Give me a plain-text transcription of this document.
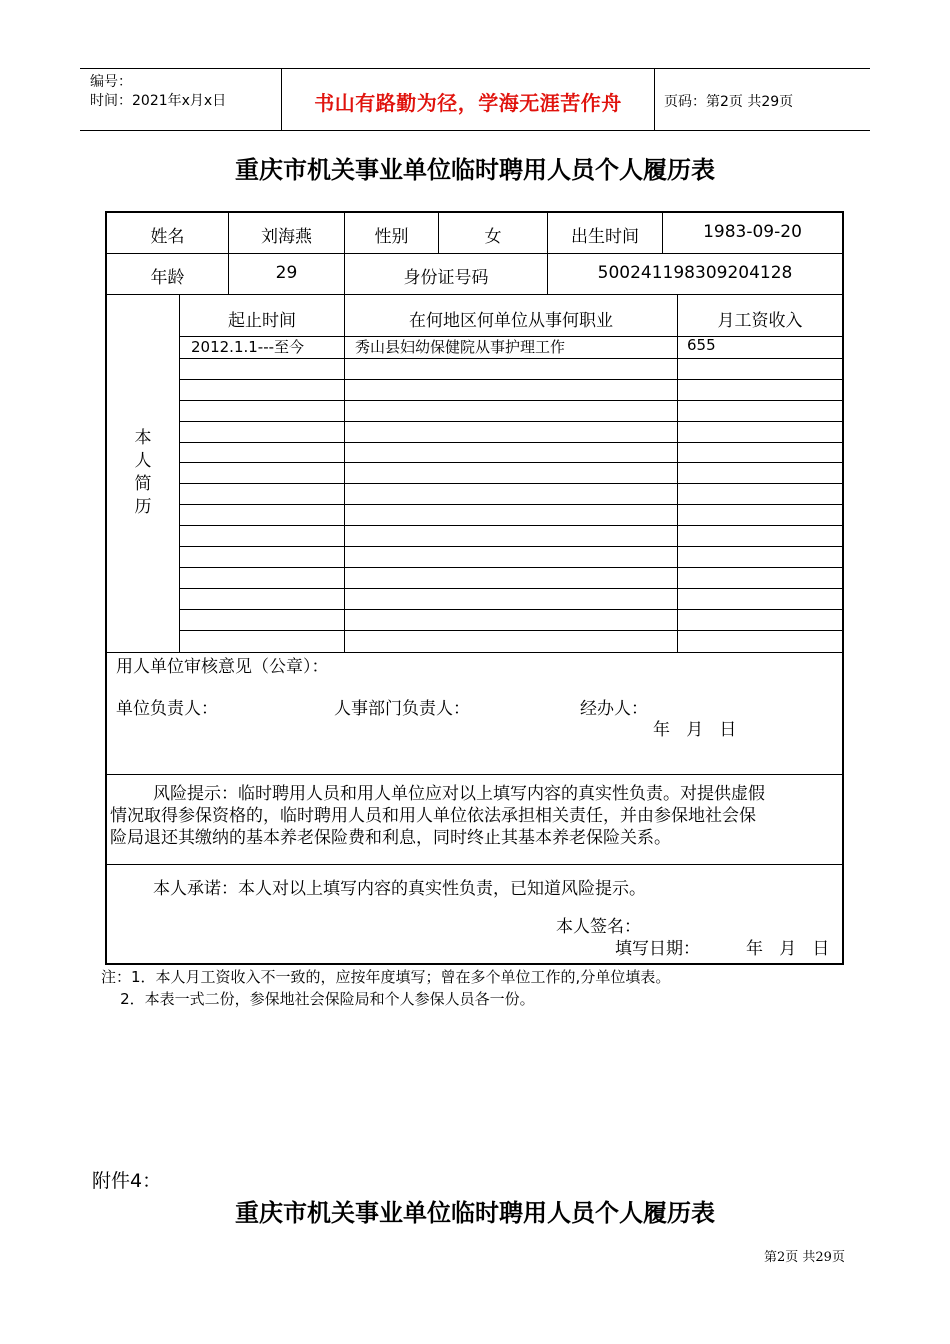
编号：
时间：2021年x月x日	书山有路勤为径，学海无涯苦作舟	页码：第2页 共29页
重庆市机关事业单位临时聘用人员个人履历表
姓名	刘海燕	性别	女	出生时间	1983-09-20
年龄	29	身份证号码	500241198309204128
本
人
简
历
起止时间	在何地区何单位从事何职业	月工资收入
2012.1.1---至今	秀山县妇幼保健院从事护理工作	655
用人单位审核意见（公章）：
单位负责人：	人事部门负责人：	经办人：
年   月   日
风险提示：临时聘用人员和用人单位应对以上填写内容的真实性负责。对提供虚假
情况取得参保资格的，临时聘用人员和用人单位依法承担相关责任，并由参保地社会保
险局退还其缴纳的基本养老保险费和利息，同时终止其基本养老保险关系。
本人承诺：本人对以上填写内容的真实性负责，已知道风险提示。
本人签名：
填写日期：	年   月   日
注：1．本人月工资收入不一致的，应按年度填写；曾在多个单位工作的,分单位填表。
2．本表一式二份，参保地社会保险局和个人参保人员各一份。
附件4：
重庆市机关事业单位临时聘用人员个人履历表
第2页 共29页
